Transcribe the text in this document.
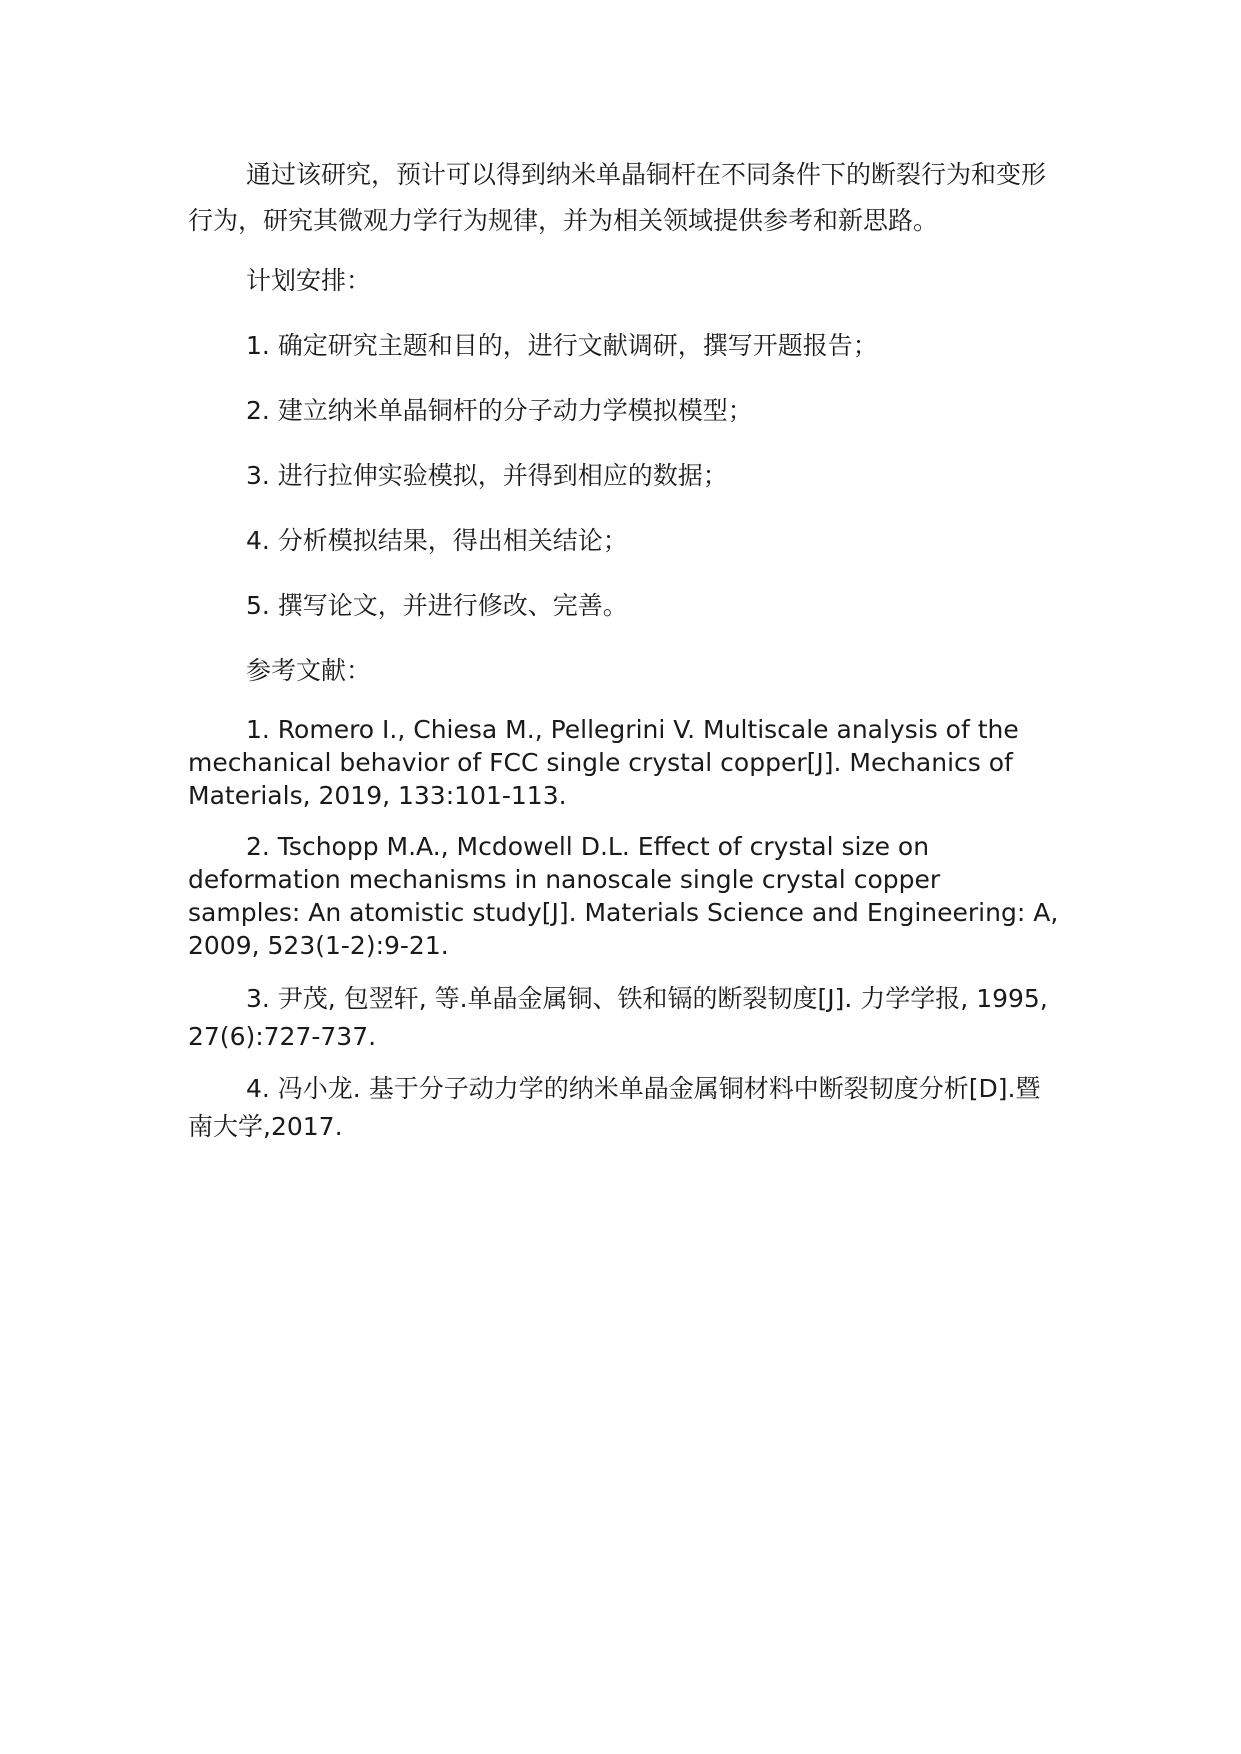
通过该研究，预计可以得到纳米单晶铜杆在不同条件下的断裂行为和变形行为，研究其微观力学行为规律，并为相关领域提供参考和新思路。

计划安排：

1. 确定研究主题和目的，进行文献调研，撰写开题报告；

2. 建立纳米单晶铜杆的分子动力学模拟模型；

3. 进行拉伸实验模拟，并得到相应的数据；

4. 分析模拟结果，得出相关结论；

5. 撰写论文，并进行修改、完善。

参考文献：

1. Romero I., Chiesa M., Pellegrini V. Multiscale analysis of the mechanical behavior of FCC single crystal copper[J]. Mechanics of Materials, 2019, 133:101-113.

2. Tschopp M.A., Mcdowell D.L. Effect of crystal size on deformation mechanisms in nanoscale single crystal copper samples: An atomistic study[J]. Materials Science and Engineering: A, 2009, 523(1-2):9-21.

3. 尹茂, 包翌轩, 等.单晶金属铜、铁和镉的断裂韧度[J]. 力学学报, 1995, 27(6):727-737.

4. 冯小龙. 基于分子动力学的纳米单晶金属铜材料中断裂韧度分析[D].暨南大学,2017.
